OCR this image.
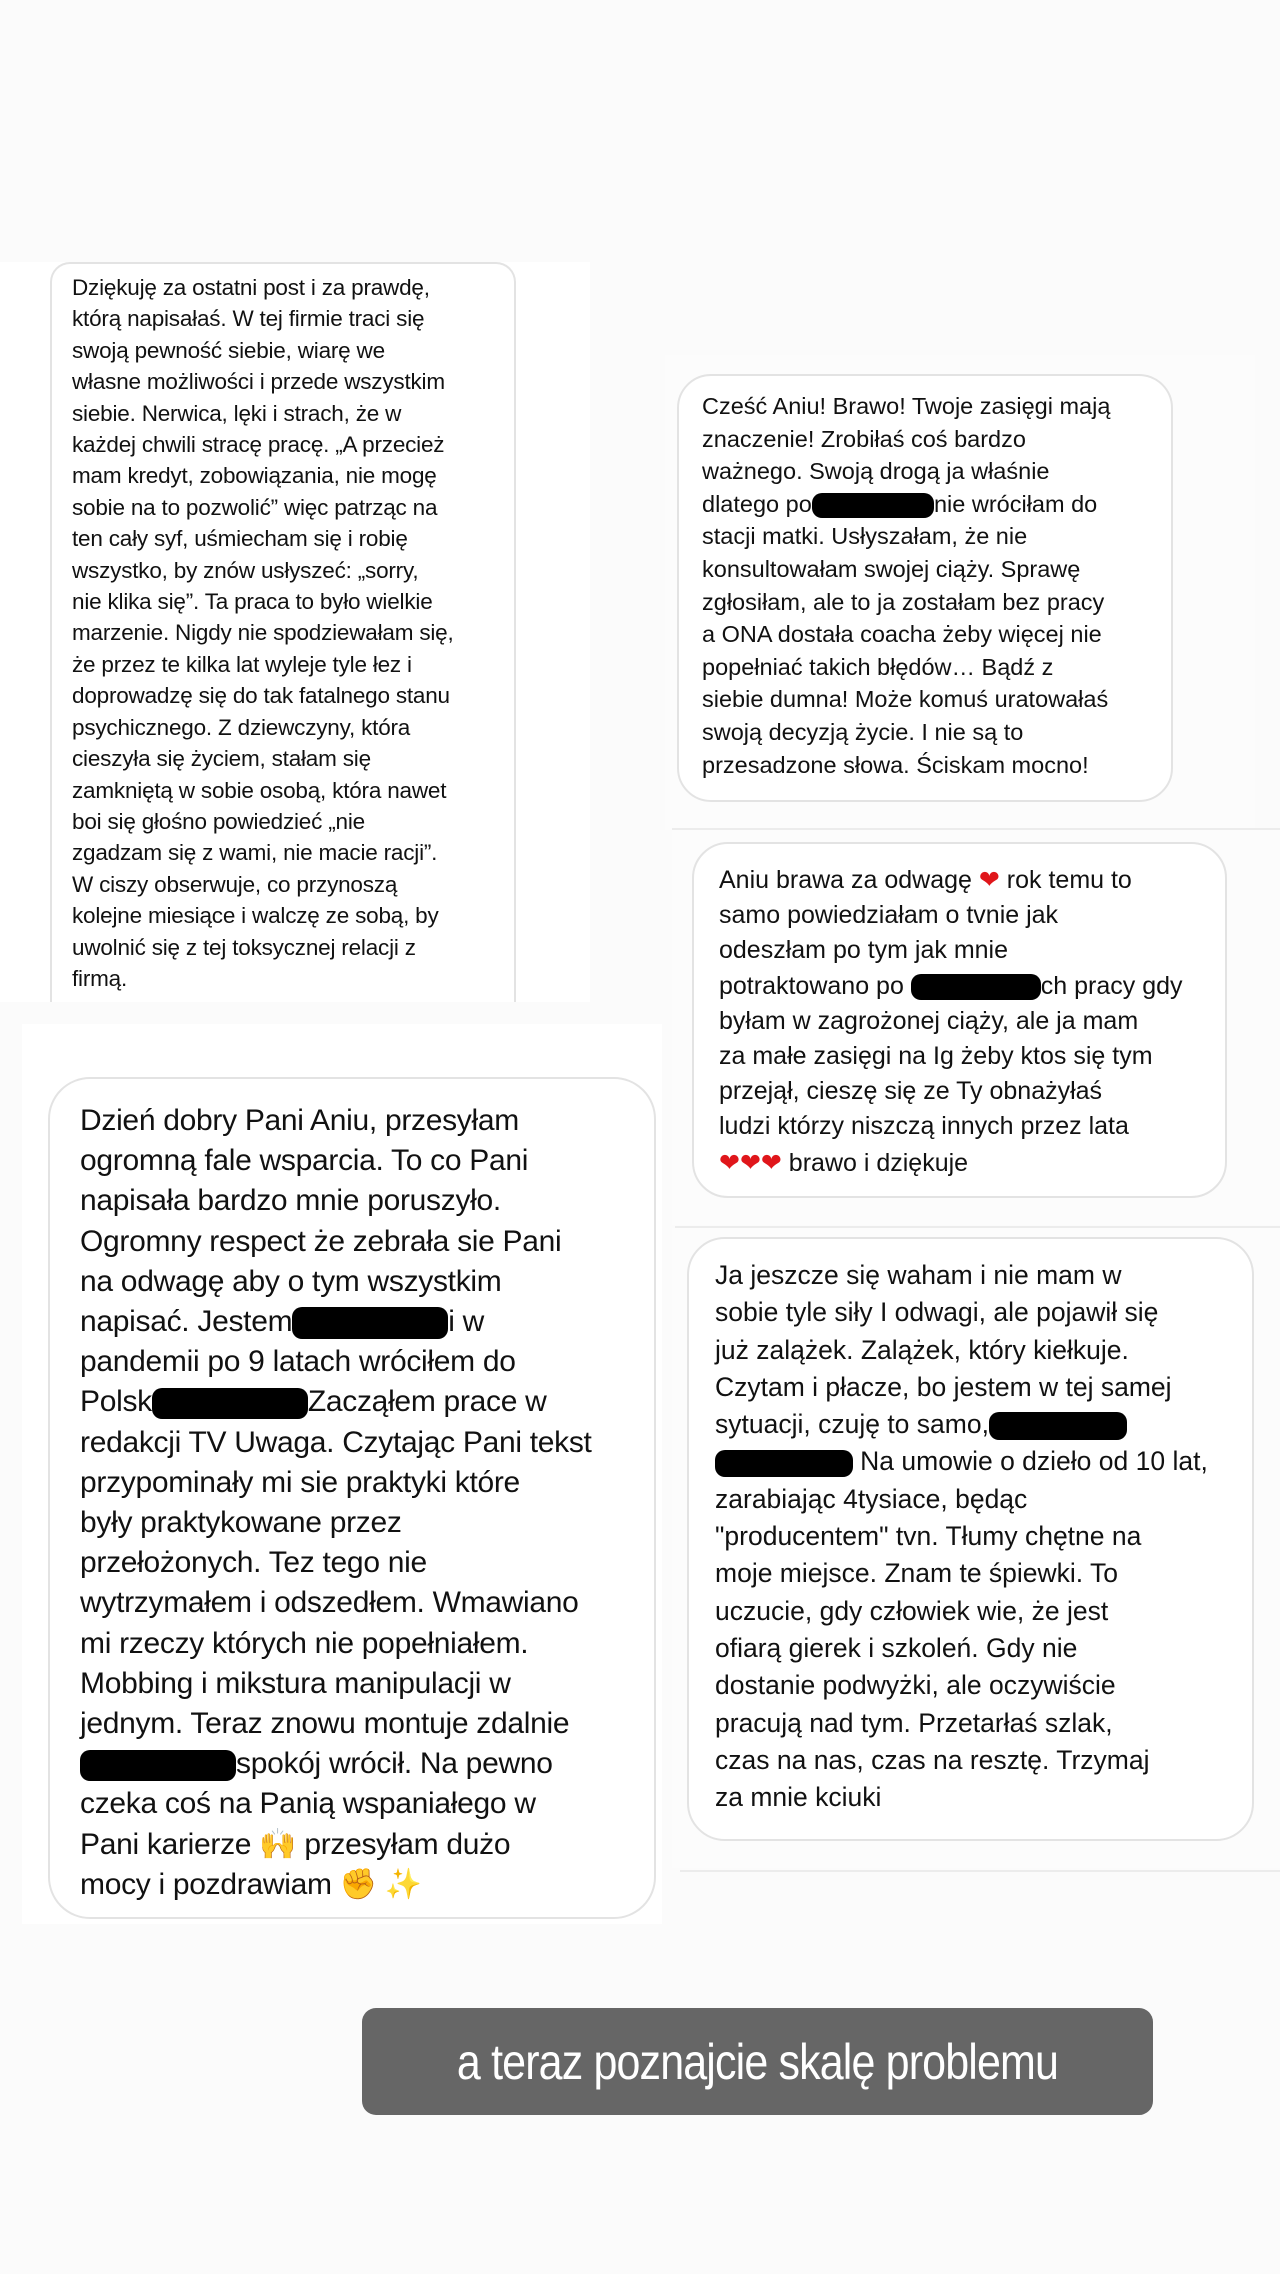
Dziękuję za ostatni post i za prawdę,
którą napisałaś. W tej firmie traci się
swoją pewność siebie, wiarę we
własne możliwości i przede wszystkim
siebie. Nerwica, lęki i strach, że w
każdej chwili stracę pracę. „A przecież
mam kredyt, zobowiązania, nie mogę
sobie na to pozwolić” więc patrząc na
ten cały syf, uśmiecham się i robię
wszystko, by znów usłyszeć: „sorry,
nie klika się”. Ta praca to było wielkie
marzenie. Nigdy nie spodziewałam się,
że przez te kilka lat wyleje tyle łez i
doprowadzę się do tak fatalnego stanu
psychicznego. Z dziewczyny, która
cieszyła się życiem, stałam się
zamkniętą w sobie osobą, która nawet
boi się głośno powiedzieć „nie
zgadzam się z wami, nie macie racji”.
W ciszy obserwuje, co przynoszą
kolejne miesiące i walczę ze sobą, by
uwolnić się z tej toksycznej relacji z
firmą.
Dzień dobry Pani Aniu, przesyłam
ogromną fale wsparcia. To co Pani
napisała bardzo mnie poruszyło.
Ogromny respect że zebrała sie Pani
na odwagę aby o tym wszystkim
napisać. Jestem	i w
pandemii po 9 latach wróciłem do
Polsk	Zacząłem prace w
redakcji TV Uwaga. Czytając Pani tekst
przypominały mi sie praktyki które
były praktykowane przez
przełożonych. Tez tego nie
wytrzymałem i odszedłem. Wmawiano
mi rzeczy których nie popełniałem.
Mobbing i mikstura manipulacji w
jednym. Teraz znowu montuje zdalnie
spokój wrócił. Na pewno
czeka coś na Panią wspaniałego w
Pani karierze 🙌 przesyłam dużo
mocy i pozdrawiam ✊ ✨
Cześć Aniu! Brawo! Twoje zasięgi mają
znaczenie! Zrobiłaś coś bardzo
ważnego. Swoją drogą ja właśnie
dlatego po	nie wróciłam do
stacji matki. Usłyszałam, że nie
konsultowałam swojej ciąży. Sprawę
zgłosiłam, ale to ja zostałam bez pracy
a ONA dostała coacha żeby więcej nie
popełniać takich błędów… Bądź z
siebie dumna! Może komuś uratowałaś
swoją decyzją życie. I nie są to
przesadzone słowa. Ściskam mocno!
Aniu brawa za odwagę ❤ rok temu to
samo powiedziałam o tvnie jak
odeszłam po tym jak mnie
potraktowano po	ch pracy gdy
byłam w zagrożonej ciąży, ale ja mam
za małe zasięgi na Ig żeby ktos się tym
przejął, cieszę się ze Ty obnażyłaś
ludzi którzy niszczą innych przez lata
❤❤❤ brawo i dziękuje
Ja jeszcze się waham i nie mam w
sobie tyle siły I odwagi, ale pojawił się
już zalążek. Zalążek, który kiełkuje.
Czytam i płacze, bo jestem w tej samej
sytuacji, czuję to samo,
Na umowie o dzieło od 10 lat,
zarabiając 4tysiace, będąc
"producentem" tvn. Tłumy chętne na
moje miejsce. Znam te śpiewki. To
uczucie, gdy człowiek wie, że jest
ofiarą gierek i szkoleń. Gdy nie
dostanie podwyżki, ale oczywiście
pracują nad tym. Przetarłaś szlak,
czas na nas, czas na resztę. Trzymaj
za mnie kciuki
a teraz poznajcie skalę problemu
